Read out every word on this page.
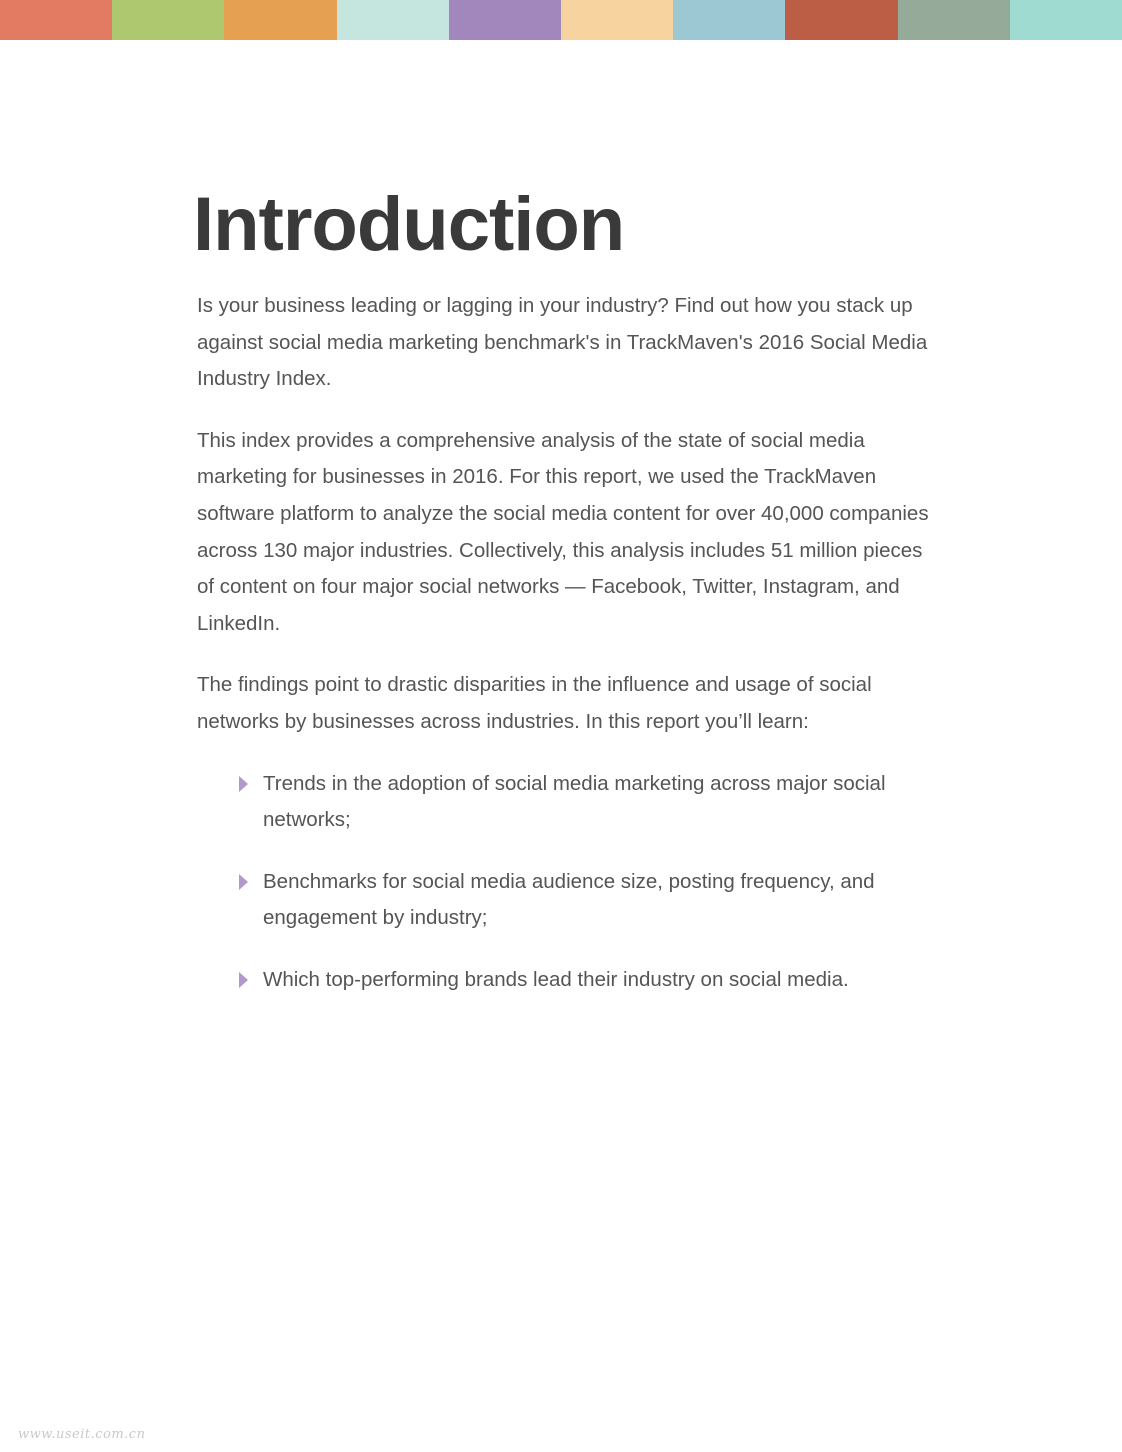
Introduction

Is your business leading or lagging in your industry? Find out how you stack up against social media marketing benchmark's in TrackMaven's 2016 Social Media Industry Index.

This index provides a comprehensive analysis of the state of social media marketing for businesses in 2016. For this report, we used the TrackMaven software platform to analyze the social media content for over 40,000 companies across 130 major industries. Collectively, this analysis includes 51 million pieces of content on four major social networks — Facebook, Twitter, Instagram, and LinkedIn.

The findings point to drastic disparities in the influence and usage of social networks by businesses across industries. In this report you’ll learn:

Trends in the adoption of social media marketing across major social networks;
Benchmarks for social media audience size, posting frequency, and engagement by industry;
Which top-performing brands lead their industry on social media.
www.useit.com.cn
